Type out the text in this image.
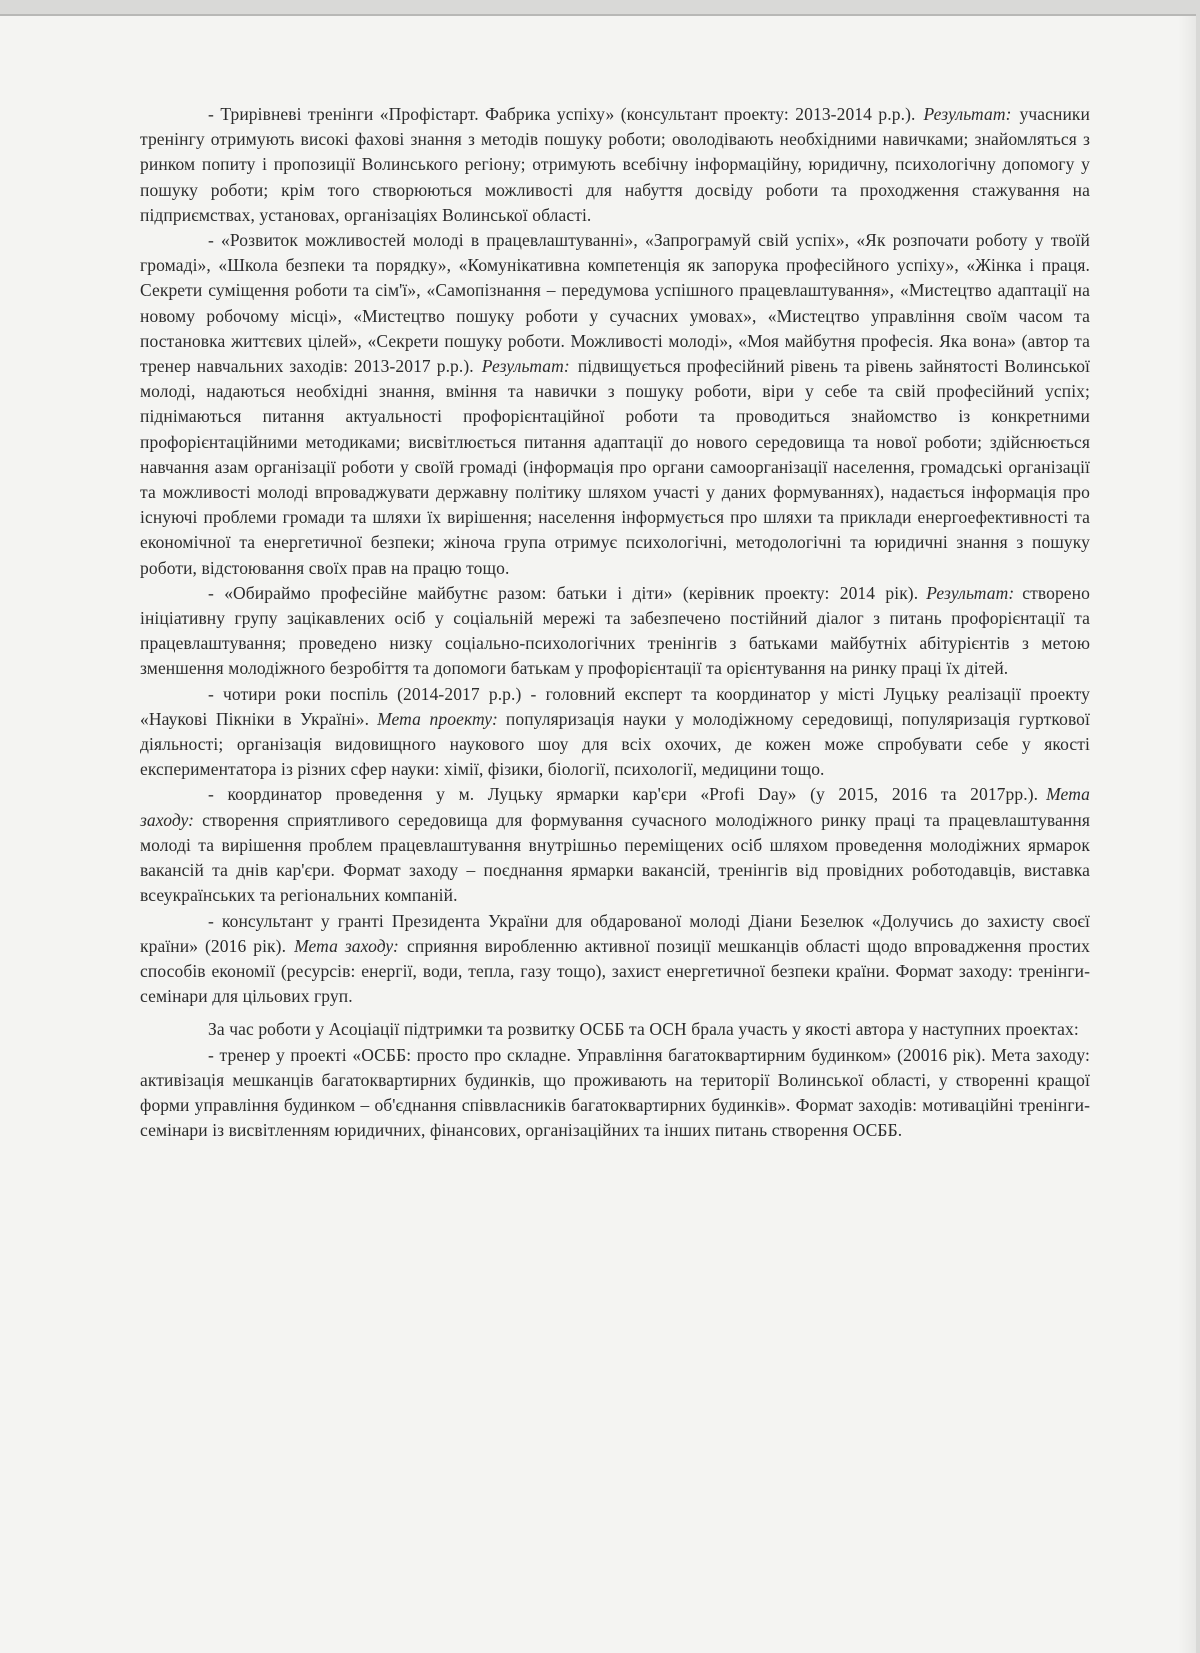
- Трирівневі тренінги «Профістарт. Фабрика успіху» (консультант проекту: 2013-2014 р.р.). Результат: учасники тренінгу отримують високі фахові знання з методів пошуку роботи; оволодівають необхідними навичками; знайомляться з ринком попиту і пропозиції Волинського регіону; отримують всебічну інформаційну, юридичну, психологічну допомогу у пошуку роботи; крім того створюються можливості для набуття досвіду роботи та проходження стажування на підприємствах, установах, організаціях Волинської області.

- «Розвиток можливостей молоді в працевлаштуванні», «Запрограмуй свій успіх», «Як розпочати роботу у твоїй громаді», «Школа безпеки та порядку», «Комунікативна компетенція як запорука професійного успіху», «Жінка і праця. Секрети суміщення роботи та сім'ї», «Самопізнання – передумова успішного працевлаштування», «Мистецтво адаптації на новому робочому місці», «Мистецтво пошуку роботи у сучасних умовах», «Мистецтво управління своїм часом та постановка життєвих цілей», «Секрети пошуку роботи. Можливості молоді», «Моя майбутня професія. Яка вона» (автор та тренер навчальних заходів: 2013-2017 р.р.). Результат: підвищується професійний рівень та рівень зайнятості Волинської молоді, надаються необхідні знання, вміння та навички з пошуку роботи, віри у себе та свій професійний успіх; піднімаються питання актуальності профорієнтаційної роботи та проводиться знайомство із конкретними профорієнтаційними методиками; висвітлюється питання адаптації до нового середовища та нової роботи; здійснюється навчання азам організації роботи у своїй громаді (інформація про органи самоорганізації населення, громадські організації та можливості молоді впроваджувати державну політику шляхом участі у даних формуваннях), надається інформація про існуючі проблеми громади та шляхи їх вирішення; населення інформується про шляхи та приклади енергоефективності та економічної та енергетичної безпеки; жіноча група отримує психологічні, методологічні та юридичні знання з пошуку роботи, відстоювання своїх прав на працю тощо.

- «Обираймо професійне майбутнє разом: батьки і діти» (керівник проекту: 2014 рік). Результат: створено ініціативну групу зацікавлених осіб у соціальній мережі та забезпечено постійний діалог з питань профорієнтації та працевлаштування; проведено низку соціально-психологічних тренінгів з батьками майбутніх абітурієнтів з метою зменшення молодіжного безробіття та допомоги батькам у профорієнтації та орієнтування на ринку праці їх дітей.

- чотири роки поспіль (2014-2017 р.р.) - головний експерт та координатор у місті Луцьку реалізації проекту «Наукові Пікніки в Україні». Мета проекту: популяризація науки у молодіжному середовищі, популяризація гурткової діяльності; організація видовищного наукового шоу для всіх охочих, де кожен може спробувати себе у якості експериментатора із різних сфер науки: хімії, фізики, біології, психології, медицини тощо.

- координатор проведення у м. Луцьку ярмарки кар'єри «Profi Day» (у 2015, 2016 та 2017рр.). Мета заходу: створення сприятливого середовища для формування сучасного молодіжного ринку праці та працевлаштування молоді та вирішення проблем працевлаштування внутрішньо переміщених осіб шляхом проведення молодіжних ярмарок вакансій та днів кар'єри. Формат заходу – поєднання ярмарки вакансій, тренінгів від провідних роботодавців, виставка всеукраїнських та регіональних компаній.

- консультант у гранті Президента України для обдарованої молоді Діани Безелюк «Долучись до захисту своєї країни» (2016 рік). Мета заходу: сприяння виробленню активної позиції мешканців області щодо впровадження простих способів економії (ресурсів: енергії, води, тепла, газу тощо), захист енергетичної безпеки країни. Формат заходу: тренінги-семінари для цільових груп.

За час роботи у Асоціації підтримки та розвитку ОСББ та ОСН брала участь у якості автора у наступних проектах:

- тренер у проекті «ОСББ: просто про складне. Управління багатоквартирним будинком» (20016 рік). Мета заходу: активізація мешканців багатоквартирних будинків, що проживають на території Волинської області, у створенні кращої форми управління будинком – об'єднання співвласників багатоквартирних будинків». Формат заходів: мотиваційні тренінги-семінари із висвітленням юридичних, фінансових, організаційних та інших питань створення ОСББ.
